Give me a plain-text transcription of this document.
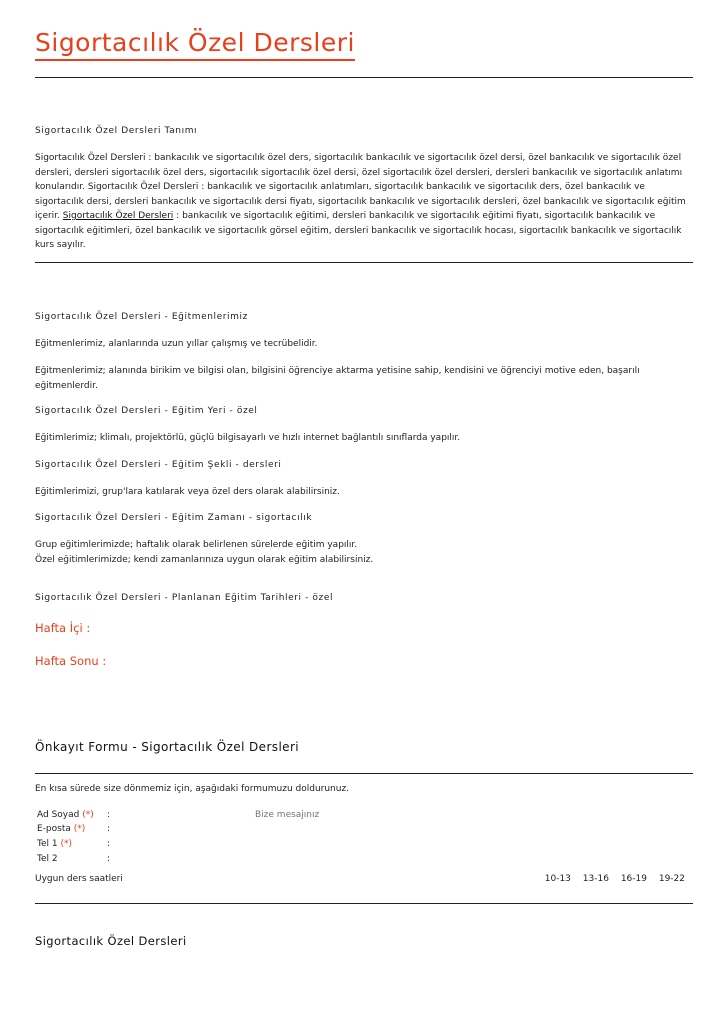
Sigortacılık Özel Dersleri
Sigortacılık Özel Dersleri Tanımı
Sigortacılık Özel Dersleri : bankacılık ve sigortacılık özel ders, sigortacılık bankacılık ve sigortacılık özel dersi, özel bankacılık ve sigortacılık özel dersleri, dersleri sigortacılık özel ders, sigortacılık sigortacılık özel dersi, özel sigortacılık özel dersleri, dersleri bankacılık ve sigortacılık anlatımı konularıdır. Sigortacılık Özel Dersleri : bankacılık ve sigortacılık anlatımları, sigortacılık bankacılık ve sigortacılık ders, özel bankacılık ve sigortacılık dersi, dersleri bankacılık ve sigortacılık dersi fiyatı, sigortacılık bankacılık ve sigortacılık dersleri, özel bankacılık ve sigortacılık eğitim içerir. Sigortacılık Özel Dersleri : bankacılık ve sigortacılık eğitimi, dersleri bankacılık ve sigortacılık eğitimi fiyatı, sigortacılık bankacılık ve sigortacılık eğitimleri, özel bankacılık ve sigortacılık görsel eğitim, dersleri bankacılık ve sigortacılık hocası, sigortacılık bankacılık ve sigortacılık kurs sayılır.
Sigortacılık Özel Dersleri - Eğitmenlerimiz
Eğitmenlerimiz, alanlarında uzun yıllar çalışmış ve tecrübelidir.
Eğitmenlerimiz; alanında birikim ve bilgisi olan, bilgisini öğrenciye aktarma yetisine sahip, kendisini ve öğrenciyi motive eden, başarılı eğitmenlerdir.
Sigortacılık Özel Dersleri - Eğitim Yeri - özel
Eğitimlerimiz; klimalı, projektörlü, güçlü bilgisayarlı ve hızlı internet bağlantılı sınıflarda yapılır.
Sigortacılık Özel Dersleri - Eğitim Şekli - dersleri
Eğitimlerimizi, grup'lara katılarak veya özel ders olarak alabilirsiniz.
Sigortacılık Özel Dersleri - Eğitim Zamanı - sigortacılık
Grup eğitimlerimizde; haftalık olarak belirlenen sürelerde eğitim yapılır.
Özel eğitimlerimizde; kendi zamanlarınıza uygun olarak eğitim alabilirsiniz.
Sigortacılık Özel Dersleri - Planlanan Eğitim Tarihleri - özel
Hafta İçi :
Hafta Sonu :
Önkayıt Formu - Sigortacılık Özel Dersleri
En kısa sürede size dönmemiz için, aşağıdaki formumuzu doldurunuz.
Ad Soyad (*) :
E-posta (*) :
Tel 1 (*)	:
Tel 2	:
Bize mesajınız
Uygun ders saatleri	10-13 13-16 16-19 19-22
Sigortacılık Özel Dersleri
